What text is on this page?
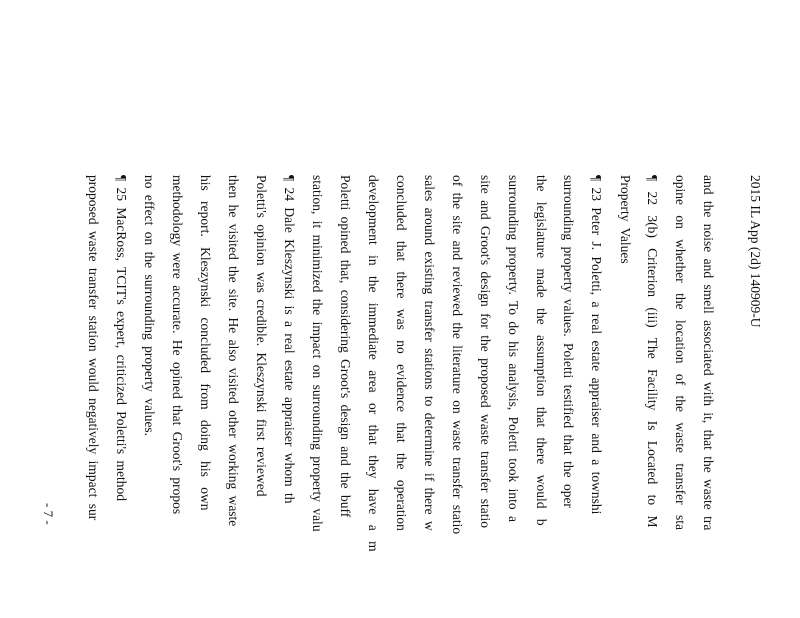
2015 IL App (2d) 140909-U
and the noise and smell associated with it, that the waste tra
opine on whether the location of the waste transfer sta
¶ 22 3(b) Criterion (iii) The Facility Is Located to M
Property Values
¶ 23 Peter J. Poletti, a real estate appraiser and a townshi
surrounding property values. Poletti testified that the oper
the legislature made the assumption that there would b
surrounding property. To do his analysis, Poletti took into a
site and Groot's design for the proposed waste transfer statio
of the site and reviewed the literature on waste transfer statio
sales around existing transfer stations to determine if there w
concluded that there was no evidence that the operation
development in the immediate area or that they have a m
Poletti opined that, considering Groot's design and the buff
station, it minimized the impact on surrounding property valu
¶ 24 Dale Kleszynski is a real estate appraiser whom th
Poletti's opinion was credible. Kleszynski first reviewed
then he visited the site. He also visited other working waste
his report. Kleszynski concluded from doing his own
methodology were accurate. He opined that Groot's propos
no effect on the surrounding property values.
¶ 25 MacRoss, TCIT's expert, criticized Poletti's method
proposed waste transfer station would negatively impact sur
- 7 -
